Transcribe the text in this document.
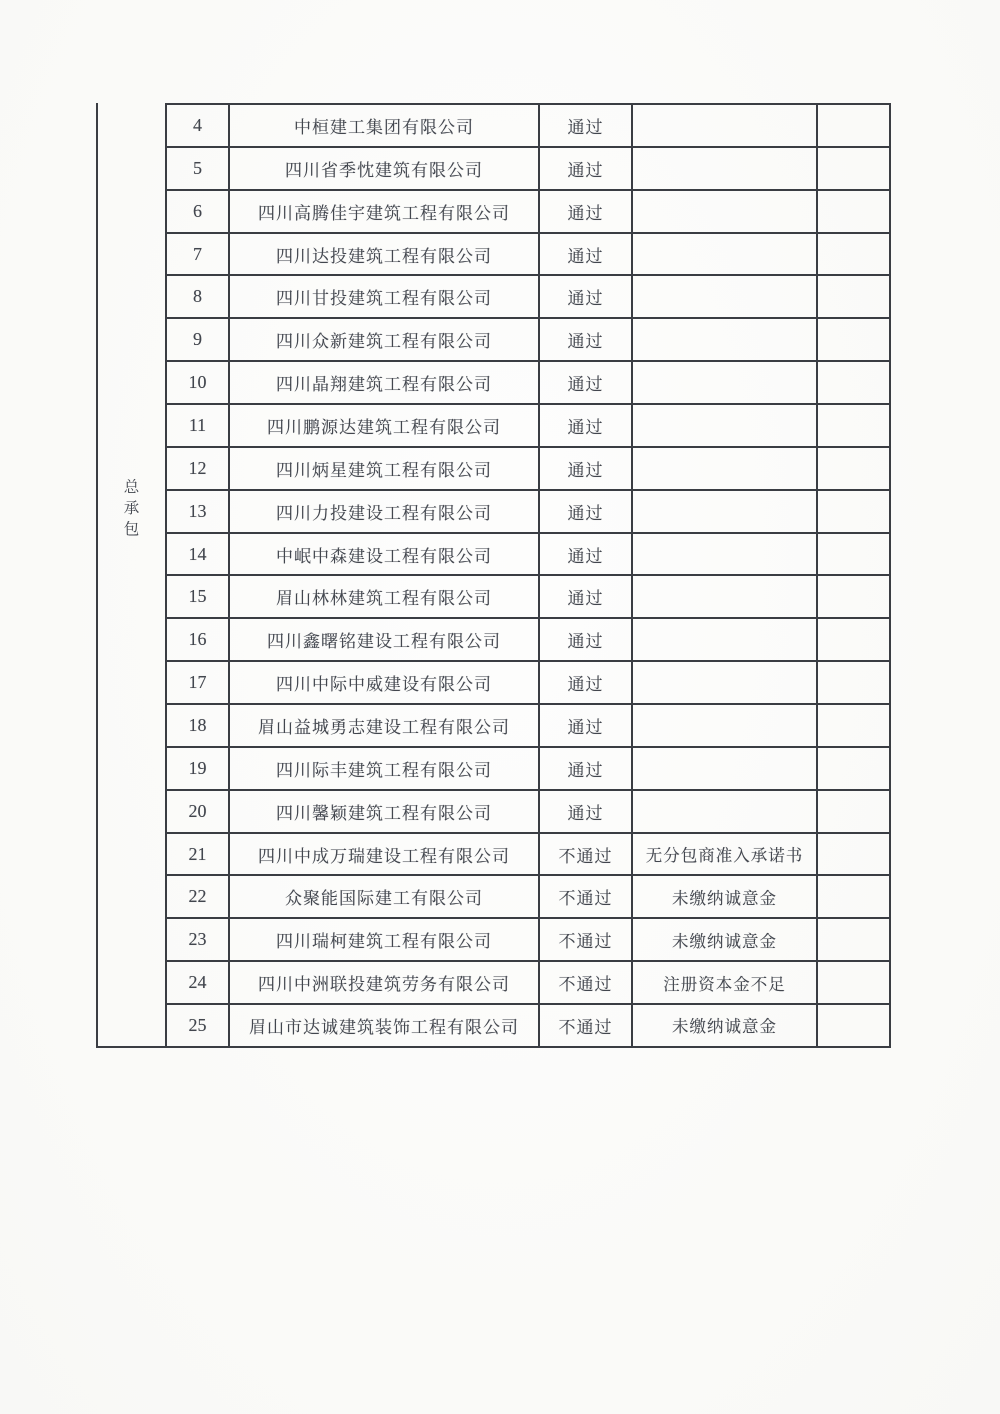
总承包
4	中桓建工集团有限公司	通过
5	四川省季忱建筑有限公司	通过
6	四川高腾佳宇建筑工程有限公司	通过
7	四川达投建筑工程有限公司	通过
8	四川甘投建筑工程有限公司	通过
9	四川众新建筑工程有限公司	通过
10	四川晶翔建筑工程有限公司	通过
11	四川鹏源达建筑工程有限公司	通过
12	四川炳星建筑工程有限公司	通过
13	四川力投建设工程有限公司	通过
14	中岷中森建设工程有限公司	通过
15	眉山林林建筑工程有限公司	通过
16	四川鑫曙铭建设工程有限公司	通过
17	四川中际中威建设有限公司	通过
18	眉山益城勇志建设工程有限公司	通过
19	四川际丰建筑工程有限公司	通过
20	四川馨颖建筑工程有限公司	通过
21	四川中成万瑞建设工程有限公司	不通过	无分包商准入承诺书
22	众聚能国际建工有限公司	不通过	未缴纳诚意金
23	四川瑞柯建筑工程有限公司	不通过	未缴纳诚意金
24	四川中洲联投建筑劳务有限公司	不通过	注册资本金不足
25	眉山市达诚建筑装饰工程有限公司	不通过	未缴纳诚意金
